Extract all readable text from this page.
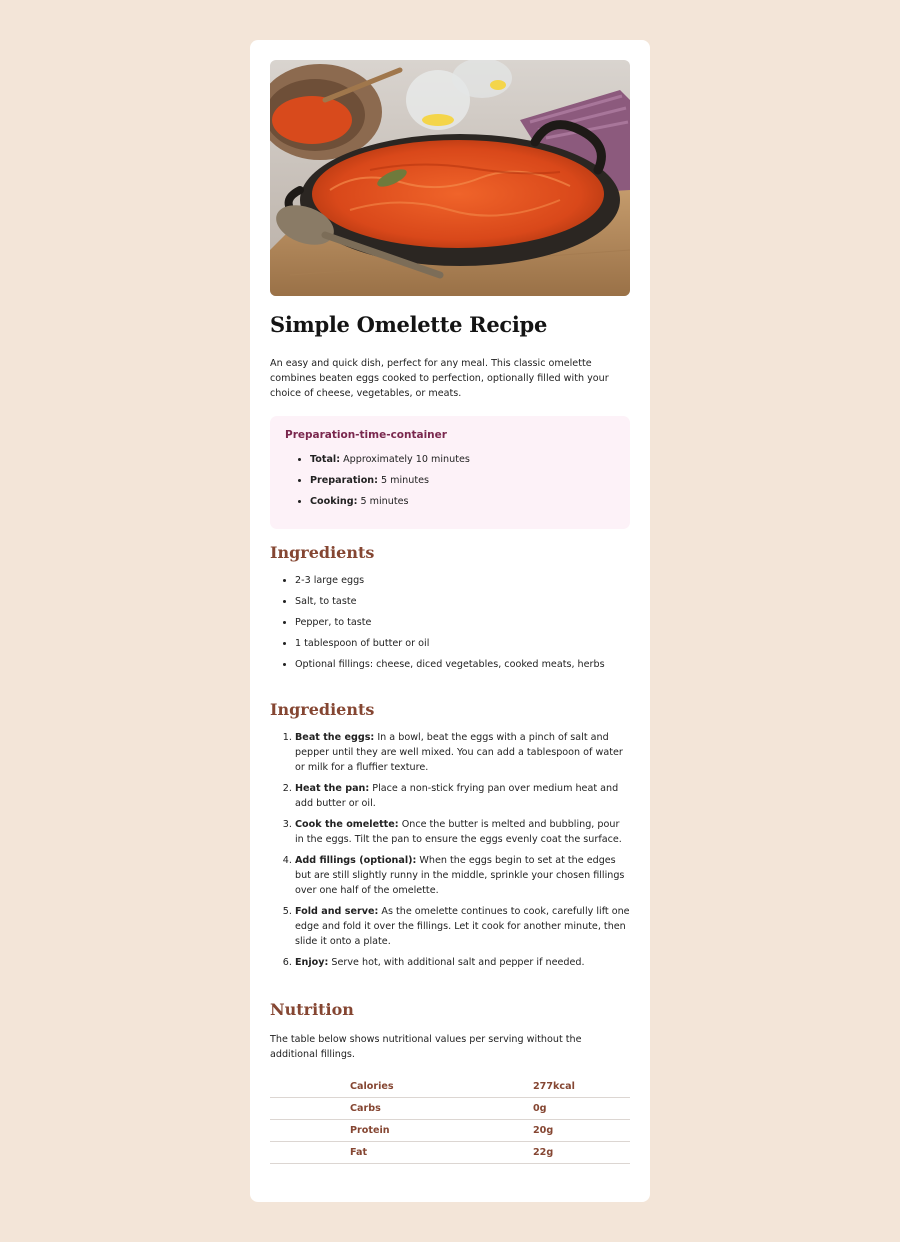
Simple Omelette Recipe

An easy and quick dish, perfect for any meal. This classic omelette combines beaten eggs cooked to perfection, optionally filled with your choice of cheese, vegetables, or meats.

Preparation-time-container
• Total: Approximately 10 minutes
• Preparation: 5 minutes
• Cooking: 5 minutes
Ingredients
• 2-3 large eggs
• Salt, to taste
• Pepper, to taste
• 1 tablespoon of butter or oil
• Optional fillings: cheese, diced vegetables, cooked meats, herbs
Ingredients
1. Beat the eggs: In a bowl, beat the eggs with a pinch of salt and pepper until they are well mixed. You can add a tablespoon of water or milk for a fluffier texture.
2. Heat the pan: Place a non-stick frying pan over medium heat and add butter or oil.
3. Cook the omelette: Once the butter is melted and bubbling, pour in the eggs. Tilt the pan to ensure the eggs evenly coat the surface.
4. Add fillings (optional): When the eggs begin to set at the edges but are still slightly runny in the middle, sprinkle your chosen fillings over one half of the omelette.
5. Fold and serve: As the omelette continues to cook, carefully lift one edge and fold it over the fillings. Let it cook for another minute, then slide it onto a plate.
6. Enjoy: Serve hot, with additional salt and pepper if needed.
Nutrition

The table below shows nutritional values per serving without the additional fillings.

Calories	277kcal
Carbs	0g
Protein	20g
Fat	22g
